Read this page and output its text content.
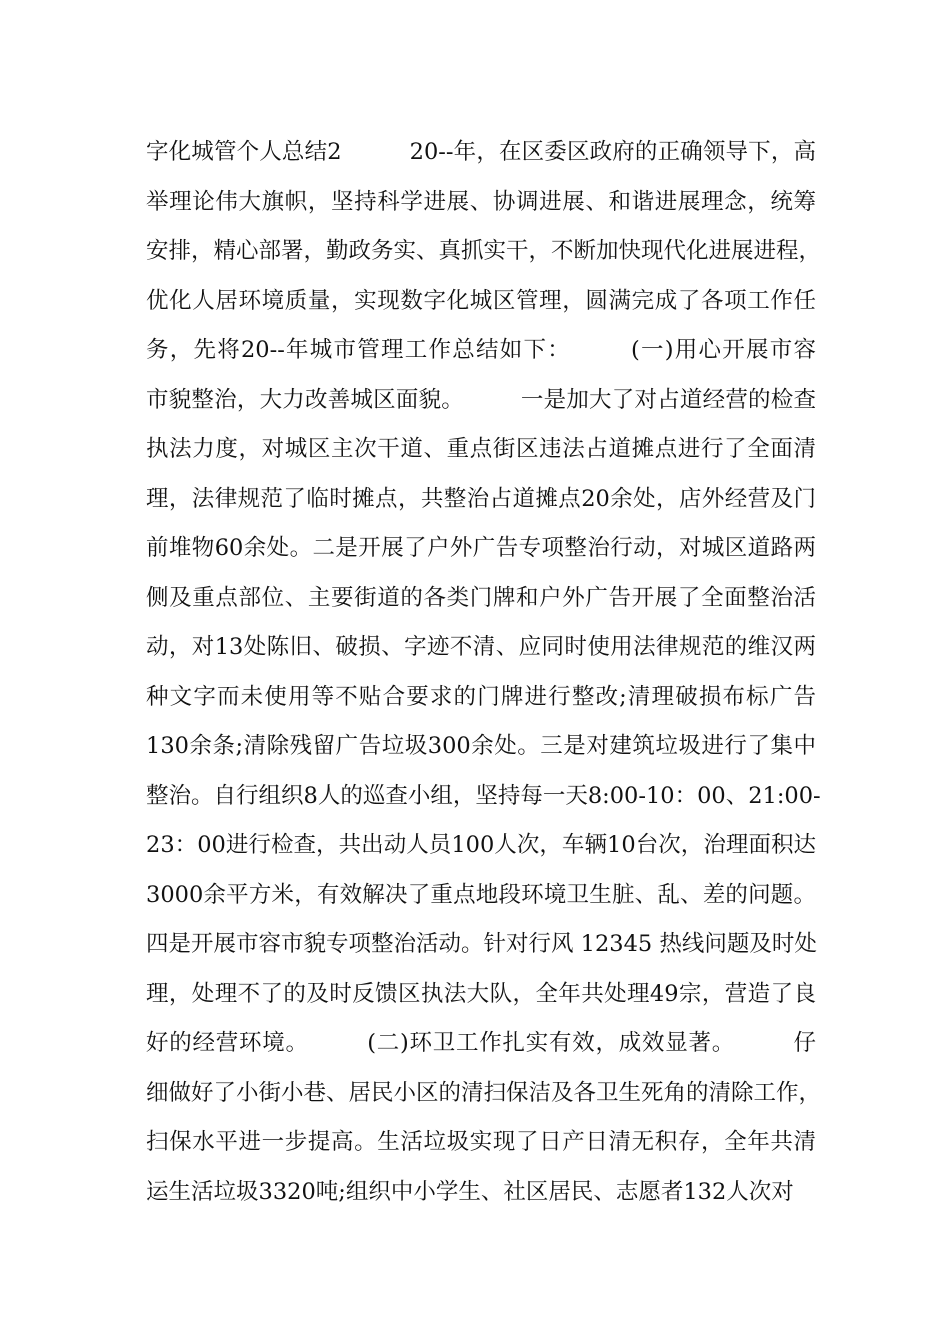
字化城管个人总结2　　　20--年，在区委区政府的正确领导下，高
举理论伟大旗帜，坚持科学进展、协调进展、和谐进展理念，统筹
安排，精心部署，勤政务实、真抓实干，不断加快现代化进展进程，
优化人居环境质量，实现数字化城区管理，圆满完成了各项工作任
务，先将20--年城市管理工作总结如下：　　　(一)用心开展市容
市貌整治，大力改善城区面貌。　　　一是加大了对占道经营的检查
执法力度，对城区主次干道、重点街区违法占道摊点进行了全面清
理，法律规范了临时摊点，共整治占道摊点20余处，店外经营及门
前堆物60余处。二是开展了户外广告专项整治行动，对城区道路两
侧及重点部位、主要街道的各类门牌和户外广告开展了全面整治活
动，对13处陈旧、破损、字迹不清、应同时使用法律规范的维汉两
种文字而未使用等不贴合要求的门牌进行整改;清理破损布标广告
130余条;清除残留广告垃圾300余处。三是对建筑垃圾进行了集中
整治。自行组织8人的巡查小组，坚持每一天8:00-10：00、21:00-
23：00进行检查，共出动人员100人次，车辆10台次，治理面积达
3000余平方米，有效解决了重点地段环境卫生脏、乱、差的问题。
四是开展市容市貌专项整治活动。针对行风 12345 热线问题及时处
理，处理不了的及时反馈区执法大队，全年共处理49宗，营造了良
好的经营环境。　　　(二)环卫工作扎实有效，成效显著。　　　仔
细做好了小街小巷、居民小区的清扫保洁及各卫生死角的清除工作，
扫保水平进一步提高。生活垃圾实现了日产日清无积存，全年共清
运生活垃圾3320吨;组织中小学生、社区居民、志愿者132人次对
